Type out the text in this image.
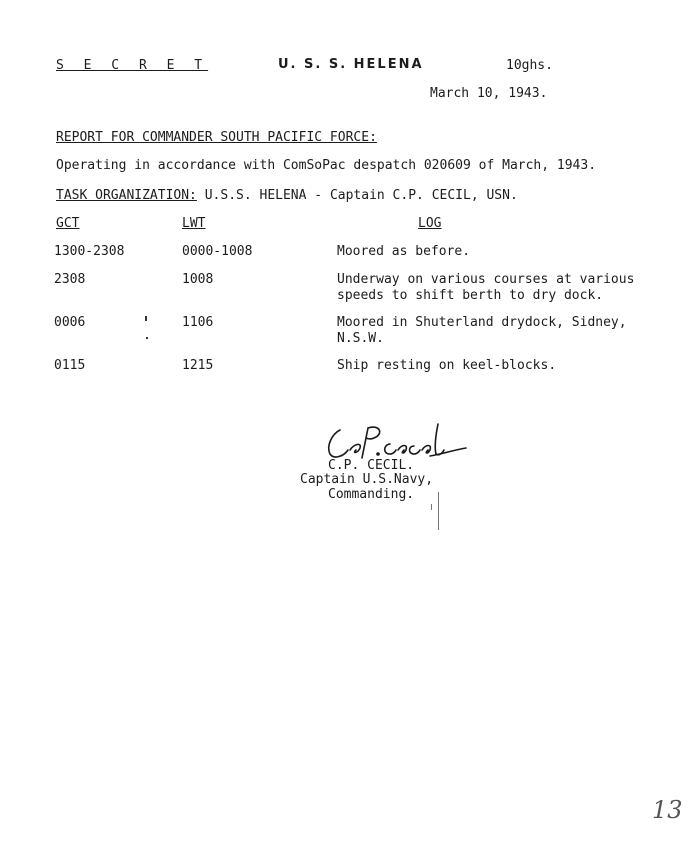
S E C R E T	U. S. S. HELENA	10ghs.
March 10, 1943.
REPORT FOR COMMANDER SOUTH PACIFIC FORCE:
Operating in accordance with ComSoPac despatch 020609 of March, 1943.
TASK ORGANIZATION: U.S.S. HELENA - Captain C.P. CECIL, USN.
GCT	LWT	LOG
1300-2308	0000-1008	Moored as before.
2308	1008	Underway on various courses at various
speeds to shift berth to dry dock.
0006	1106	Moored in Shuterland drydock, Sidney,
N.S.W.
0115	1215	Ship resting on keel-blocks.
C.P. CECIL.
Captain U.S.Navy,
Commanding.
13
